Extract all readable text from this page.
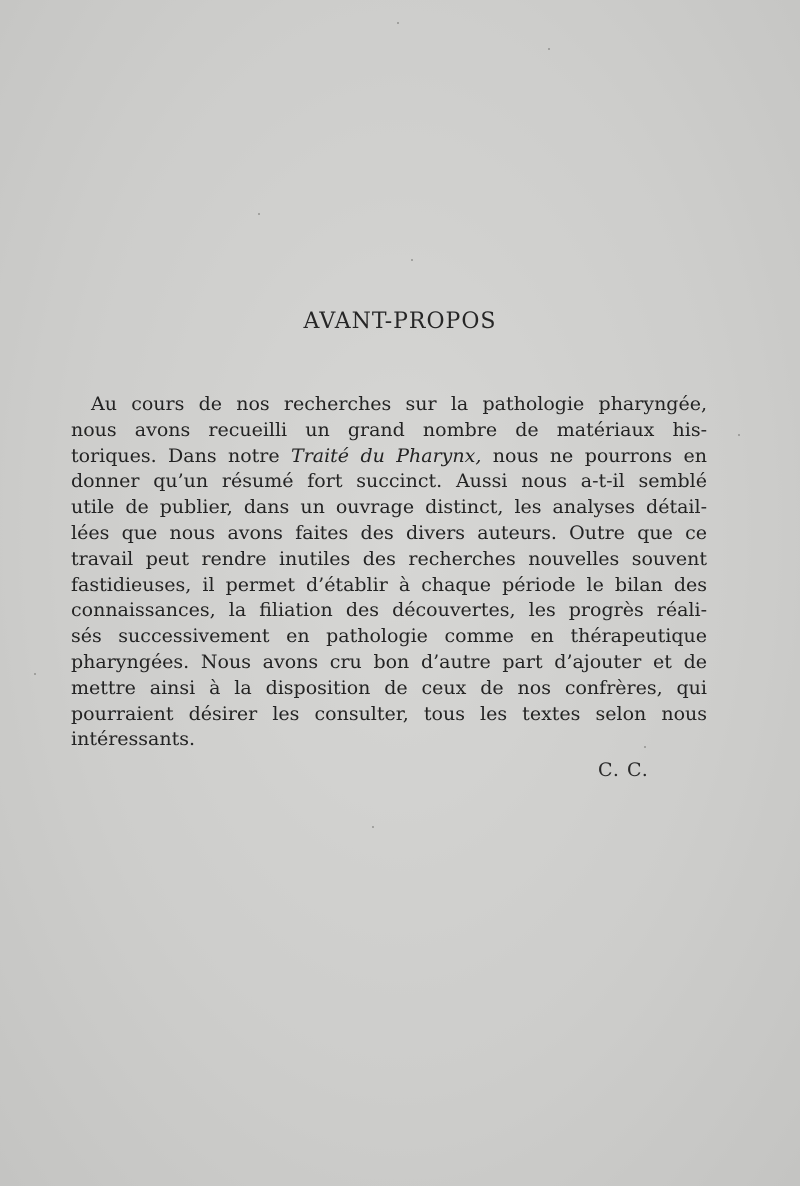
AVANT-PROPOS
Au cours de nos recherches sur la pathologie pharyngée,
nous avons recueilli un grand nombre de matériaux his-
toriques. Dans notre Traité du Pharynx, nous ne pourrons en
donner qu’un résumé fort succinct. Aussi nous a-t-il semblé
utile de publier, dans un ouvrage distinct, les analyses détail-
lées que nous avons faites des divers auteurs. Outre que ce
travail peut rendre inutiles des recherches nouvelles souvent
fastidieuses, il permet d’établir à chaque période le bilan des
connaissances, la filiation des découvertes, les progrès réali-
sés successivement en pathologie comme en thérapeutique
pharyngées. Nous avons cru bon d’autre part d’ajouter et de
mettre ainsi à la disposition de ceux de nos confrères, qui
pourraient désirer les consulter, tous les textes selon nous
intéressants.

C. C.
